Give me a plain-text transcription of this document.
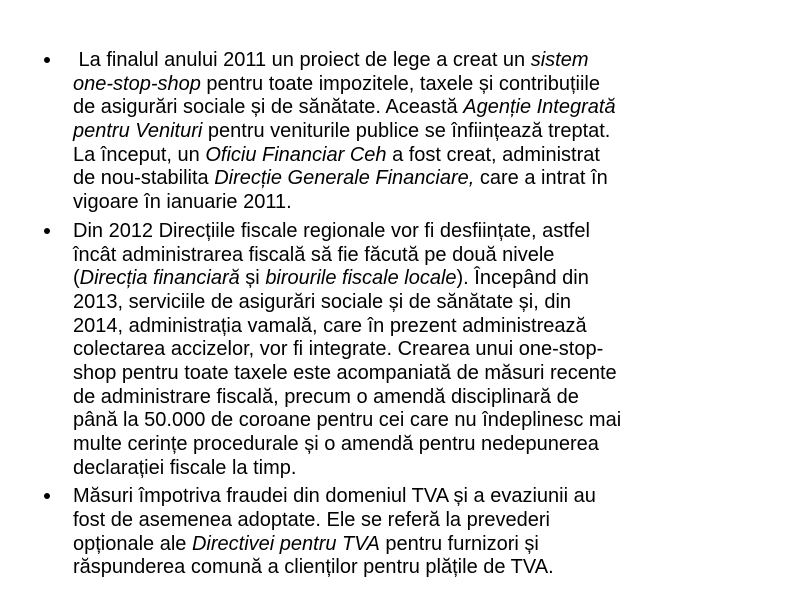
La finalul anului 2011 un proiect de lege a creat un sistem
one-stop-shop pentru toate impozitele, taxele și contribuțiile
de asigurări sociale și de sănătate. Această Agenție Integrată
pentru Venituri pentru veniturile publice se înființează treptat.
La început, un Oficiu Financiar Ceh a fost creat, administrat
de nou-stabilita Direcție Generale Financiare, care a intrat în
vigoare în ianuarie 2011.
Din 2012 Direcțiile fiscale regionale vor fi desființate, astfel
încât administrarea fiscală să fie făcută pe două nivele
(Direcția financiară și birourile fiscale locale). Începând din
2013, serviciile de asigurări sociale și de sănătate și, din
2014, administrația vamală, care în prezent administrează
colectarea accizelor, vor fi integrate. Crearea unui one-stop-
shop pentru toate taxele este acompaniată de măsuri recente
de administrare fiscală, precum o amendă disciplinară de
până la 50.000 de coroane pentru cei care nu îndeplinesc mai
multe cerințe procedurale și o amendă pentru nedepunerea
declarației fiscale la timp.
Măsuri împotriva fraudei din domeniul TVA și a evaziunii au
fost de asemenea adoptate. Ele se referă la prevederi
opționale ale Directivei pentru TVA pentru furnizori și
răspunderea comună a clienților pentru plățile de TVA.
